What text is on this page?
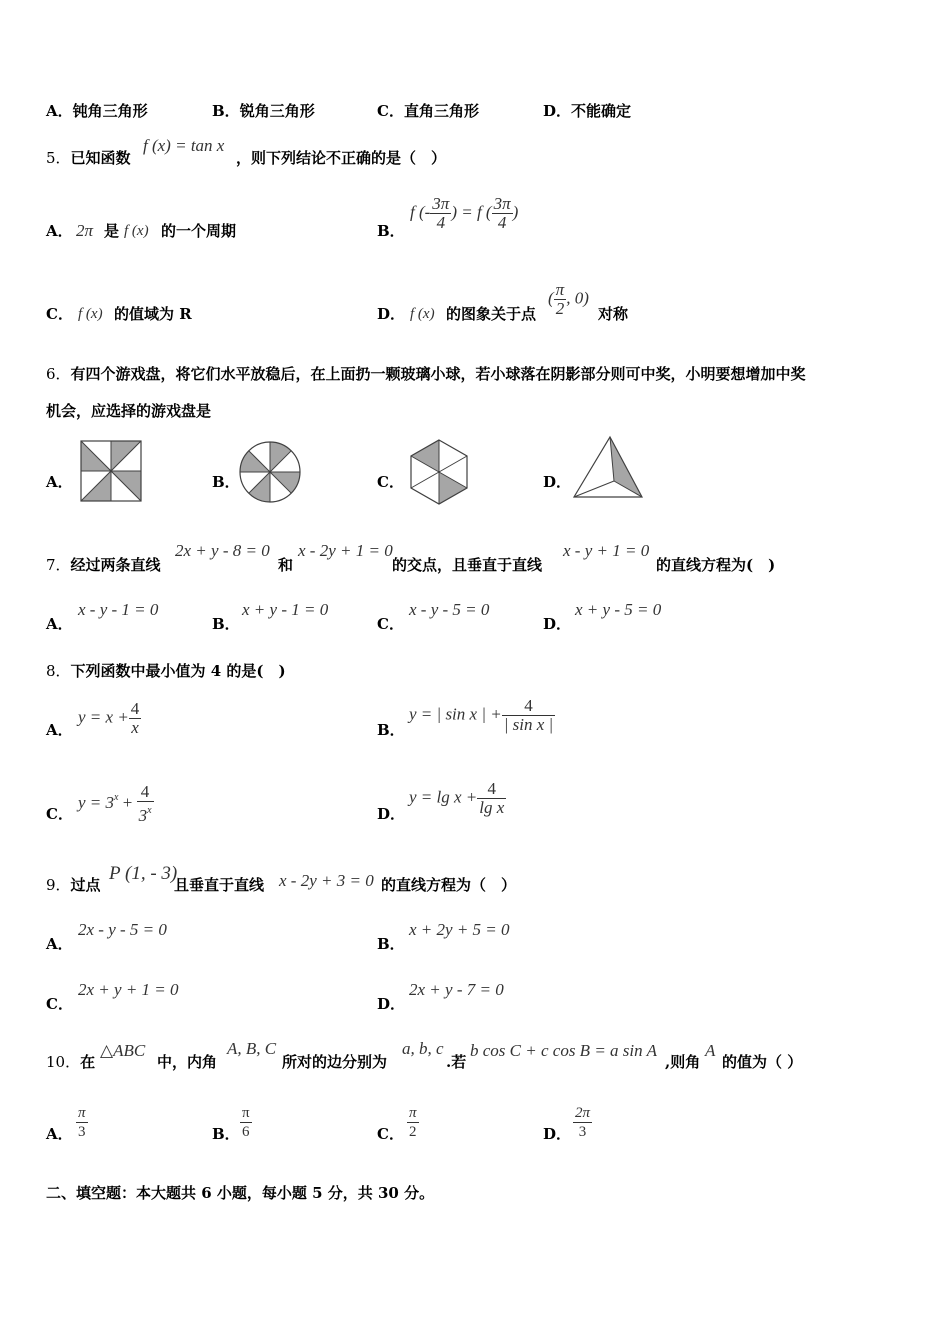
A．钝角三角形	B．锐角三角形	C．直角三角形	D．不能确定
5．已知函数
f (x) = tan x
，则下列结论不正确的是（　）
A． 2π 是 f (x) 的一个周期	B．
f (- $\frac{3\pi}{4}$ ) = f ( $\frac{3\pi}{4}$ )
C． f (x) 的值域为 R	D． f (x) 的图象关于点
( $\frac{\pi}{2}$ , 0)
对称
6．有四个游戏盘，将它们水平放稳后，在上面扔一颗玻璃小球，若小球落在阴影部分则可中奖，小明要想增加中奖
机会，应选择的游戏盘是
A．	B．	C．	D．
7．经过两条直线
2x + y - 8 = 0
和
x - 2y + 1 = 0
的交点，且垂直于直线
x - y + 1 = 0
的直线方程为(　)
A．
x - y - 1 = 0
B．
x + y - 1 = 0
C．
x - y - 5 = 0
D．
x + y - 5 = 0
8．下列函数中最小值为 4 的是(　)
A．
$y = x + \frac{4}{x}$	B．
y = | sin x | + $\frac{4}{\text{| sin x |}}$
C．
$y = 3^x + \frac{4}{3^x}$	D．
$y = \lg x + \frac{4}{\text{lg x}}$
9．过点
P (1, - 3)
且垂直于直线 x - 2y + 3 = 0 的直线方程为（　）
A．
2x - y - 5 = 0
B．
x + 2y + 5 = 0
C．
2x + y + 1 = 0
D．
2x + y - 7 = 0
10．在
△ABC
中，内角
A, B, C
所对的边分别为
a, b, c
.若
b cos C + c cos B = a sin A
,则角
A
的值为（ ）
A． $\frac{\pi}{3}$	B． $\frac{\pi}{6}$	C． $\frac{\pi}{2}$	D． $\frac{2\pi}{3}$
二、填空题：本大题共 6 小题，每小题 5 分，共 30 分。
